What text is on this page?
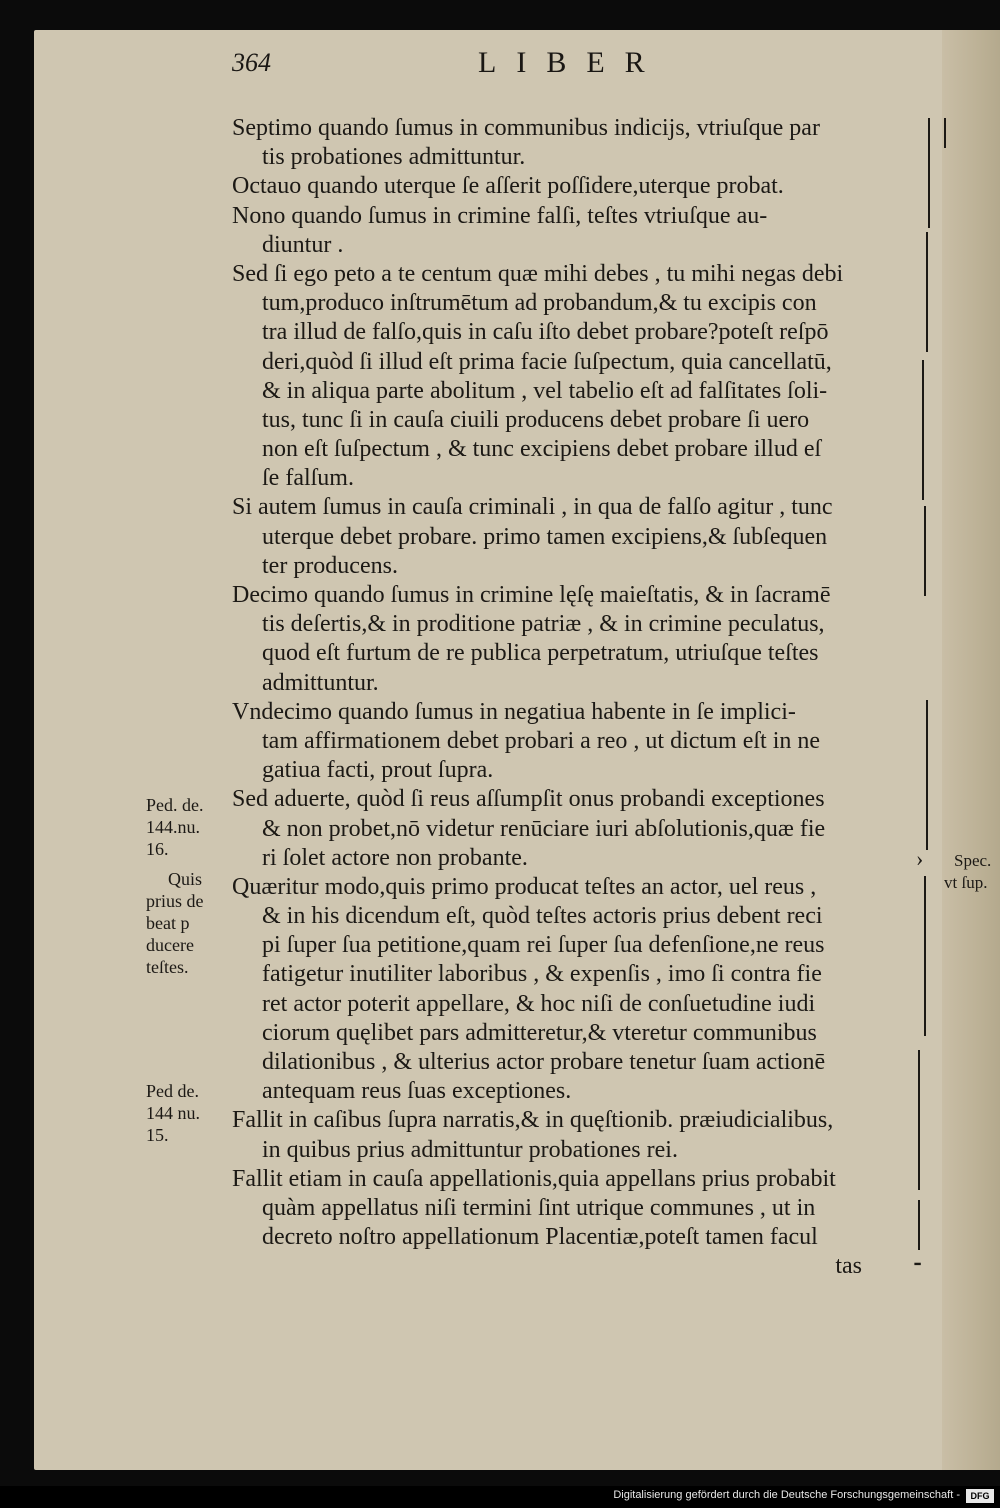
364	LIBER
Septimo quando ſumus in communibus indicijs, vtriuſque par
tis probationes admittuntur.
Octauo quando uterque ſe aſſerit poſſidere,uterque probat.
Nono quando ſumus in crimine falſi, teſtes vtriuſque au-
diuntur .
Sed ſi ego peto a te centum quæ mihi debes , tu mihi negas debi
tum,produco inſtrumētum ad probandum,& tu excipis con
tra illud de falſo,quis in caſu iſto debet probare?poteſt reſpō
deri,quòd ſi illud eſt prima facie ſuſpectum, quia cancellatū,
& in aliqua parte abolitum , vel tabelio eſt ad falſitates ſoli-
tus, tunc ſi in cauſa ciuili producens debet probare ſi uero
non eſt ſuſpectum , & tunc excipiens debet probare illud eſ
ſe falſum.
Si autem ſumus in cauſa criminali , in qua de falſo agitur , tunc
uterque debet probare. primo tamen excipiens,& ſubſequen
ter producens.
Decimo quando ſumus in crimine lęſę maieſtatis, & in ſacramē
tis deſertis,& in proditione patriæ , & in crimine peculatus,
quod eſt furtum de re publica perpetratum, utriuſque teſtes
admittuntur.
Vndecimo quando ſumus in negatiua habente in ſe implici-
tam affirmationem debet probari a reo , ut dictum eſt in ne
gatiua facti, prout ſupra.
Sed aduerte, quòd ſi reus aſſumpſit onus probandi exceptiones
& non probet,nō videtur renūciare iuri abſolutionis,quæ fie
ri ſolet actore non probante.
Quæritur modo,quis primo producat teſtes an actor, uel reus ,
& in his dicendum eſt, quòd teſtes actoris prius debent reci
pi ſuper ſua petitione,quam rei ſuper ſua defenſione,ne reus
fatigetur inutiliter laboribus , & expenſis , imo ſi contra fie
ret actor poterit appellare, & hoc niſi de conſuetudine iudi
ciorum quęlibet pars admitteretur,& vteretur communibus
dilationibus , & ulterius actor probare tenetur ſuam actionē
antequam reus ſuas exceptiones.
Fallit in caſibus ſupra narratis,& in quęſtionib. præiudicialibus,
in quibus prius admittuntur probationes rei.
Fallit etiam in cauſa appellationis,quia appellans prius probabit
quàm appellatus niſi termini ſint utrique communes , ut in
decreto noſtro appellationum Placentiæ,poteſt tamen facul
tas
Ped. de.
144.nu.
16.
Quis
prius de
beat p
ducere
teſtes.
Ped de.
144 nu.
15.
Spec.
vt ſup.
›
⁃
Digitalisierung gefördert durch die Deutsche Forschungsgemeinschaft -	DFG
